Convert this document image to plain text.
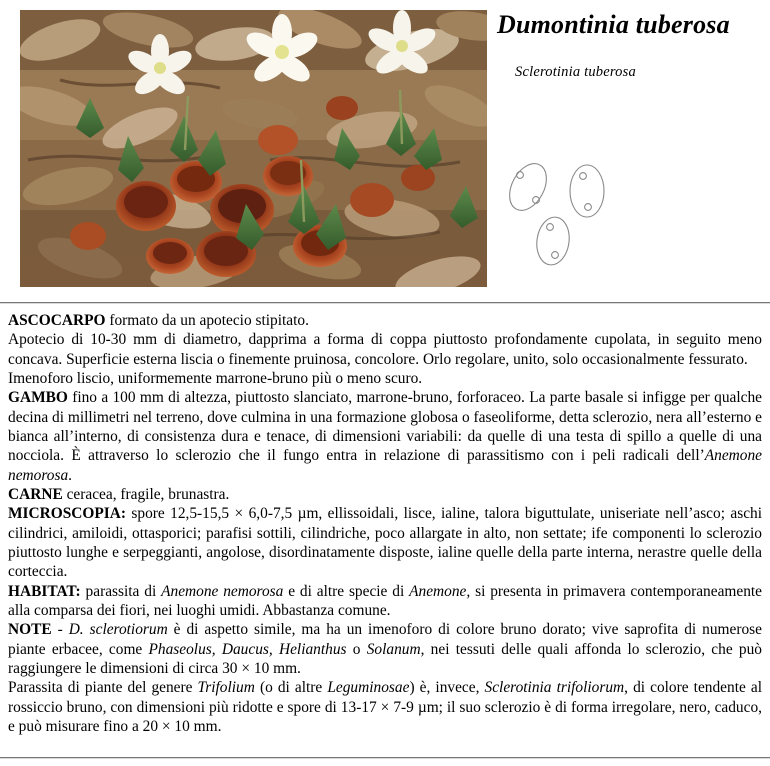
Dumontinia tuberosa
Sclerotinia tuberosa

ASCOCARPO formato da un apotecio stipitato.

Apotecio di 10-30 mm di diametro, dapprima a forma di coppa piuttosto profondamente cupolata, in seguito meno concava. Superficie esterna liscia o finemente pruinosa, concolore. Orlo regolare, unito, solo occasionalmente fessurato.

Imenoforo liscio, uniformemente marrone-bruno più o meno scuro.

GAMBO fino a 100 mm di altezza, piuttosto slanciato, marrone-bruno, forforaceo. La parte basale si infigge per qualche decina di millimetri nel terreno, dove culmina in una formazione globosa o faseoliforme, detta sclerozio, nera all’esterno e bianca all’interno, di consistenza dura e tenace, di dimensioni variabili: da quelle di una testa di spillo a quelle di una nocciola. È attraverso lo sclerozio che il fungo entra in relazione di parassitismo con i peli radicali dell’Anemone nemorosa.

CARNE ceracea, fragile, brunastra.

MICROSCOPIA: spore 12,5-15,5 × 6,0-7,5 µm, ellissoidali, lisce, ialine, talora biguttulate, uniseriate nell’asco; aschi cilindrici, amiloidi, ottasporici; parafisi sottili, cilindriche, poco allargate in alto, non settate; ife componenti lo sclerozio piuttosto lunghe e serpeggianti, angolose, disordinatamente disposte, ialine quelle della parte interna, nerastre quelle della corteccia.

HABITAT: parassita di Anemone nemorosa e di altre specie di Anemone, si presenta in primavera contemporaneamente alla comparsa dei fiori, nei luoghi umidi. Abbastanza comune.

NOTE - D. sclerotiorum è di aspetto simile, ma ha un imenoforo di colore bruno dorato; vive saprofita di numerose piante erbacee, come Phaseolus, Daucus, Helianthus o Solanum, nei tessuti delle quali affonda lo sclerozio, che può raggiungere le dimensioni di circa 30 × 10 mm.

Parassita di piante del genere Trifolium (o di altre Leguminosae) è, invece, Sclerotinia trifoliorum, di colore tendente al rossiccio bruno, con dimensioni più ridotte e spore di 13-17 × 7-9 µm; il suo sclerozio è di forma irregolare, nero, caduco, e può misurare fino a 20 × 10 mm.
